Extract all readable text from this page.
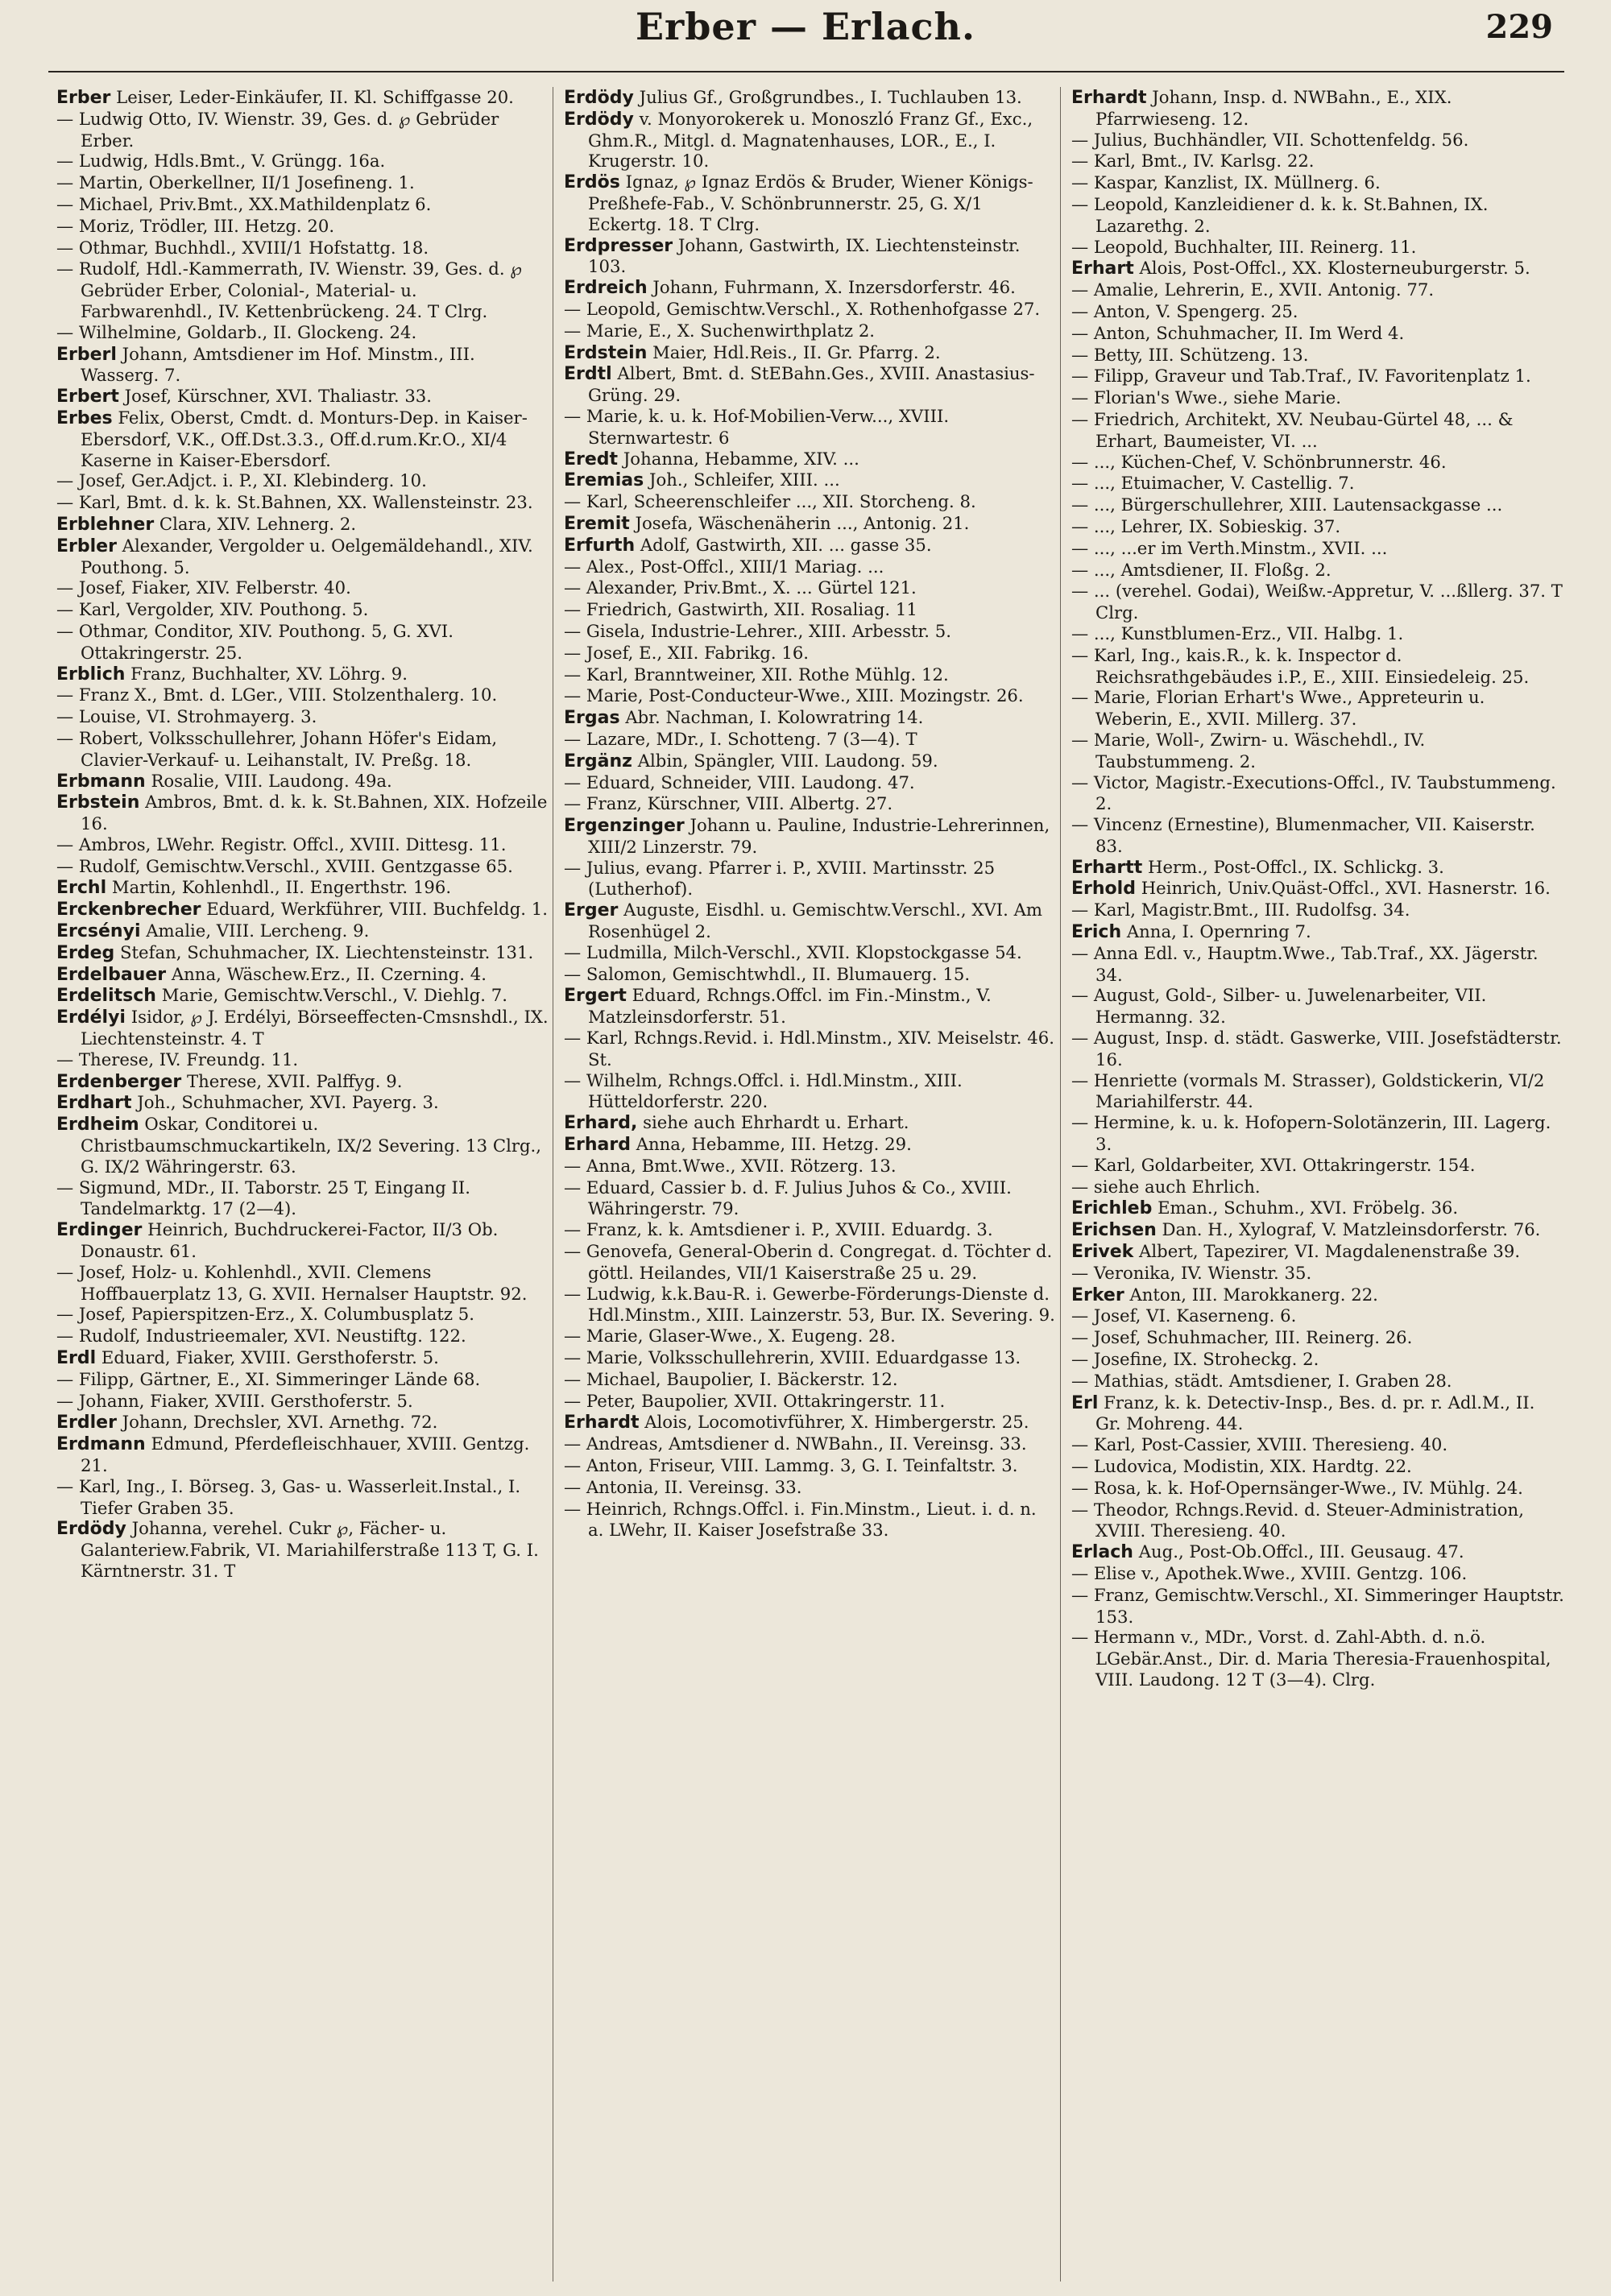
Erber — Erlach.	229

Erber Leiser, Leder-Einkäufer, II. Kl. Schiffgasse 20.

— Ludwig Otto, IV. Wienstr. 39, Ges. d. ℘ Gebrüder Erber.

— Ludwig, Hdls.Bmt., V. Grüngg. 16a.

— Martin, Oberkellner, II/1 Josefineng. 1.

— Michael, Priv.Bmt., XX.Mathildenplatz 6.

— Moriz, Trödler, III. Hetzg. 20.

— Othmar, Buchhdl., XVIII/1 Hofstattg. 18.

— Rudolf, Hdl.-Kammerrath, IV. Wienstr. 39, Ges. d. ℘ Gebrüder Erber, Colonial-, Material- u. Farbwarenhdl., IV. Kettenbrückeng. 24. T Clrg.

— Wilhelmine, Goldarb., II. Glockeng. 24.

Erberl Johann, Amtsdiener im Hof. Minstm., III. Wasserg. 7.

Erbert Josef, Kürschner, XVI. Thaliastr. 33.

Erbes Felix, Oberst, Cmdt. d. Monturs-Dep. in Kaiser-Ebersdorf, V.K., Off.Dst.3.3., Off.d.rum.Kr.O., XI/4 Kaserne in Kaiser-Ebersdorf.

— Josef, Ger.Adjct. i. P., XI. Klebinderg. 10.

— Karl, Bmt. d. k. k. St.Bahnen, XX. Wallensteinstr. 23.

Erblehner Clara, XIV. Lehnerg. 2.

Erbler Alexander, Vergolder u. Oelgemäldehandl., XIV. Pouthong. 5.

— Josef, Fiaker, XIV. Felberstr. 40.

— Karl, Vergolder, XIV. Pouthong. 5.

— Othmar, Conditor, XIV. Pouthong. 5, G. XVI. Ottakringerstr. 25.

Erblich Franz, Buchhalter, XV. Löhrg. 9.

— Franz X., Bmt. d. LGer., VIII. Stolzenthalerg. 10.

— Louise, VI. Strohmayerg. 3.

— Robert, Volksschullehrer, Johann Höfer's Eidam, Clavier-Verkauf- u. Leihanstalt, IV. Preßg. 18.

Erbmann Rosalie, VIII. Laudong. 49a.

Erbstein Ambros, Bmt. d. k. k. St.Bahnen, XIX. Hofzeile 16.

— Ambros, LWehr. Registr. Offcl., XVIII. Dittesg. 11.

— Rudolf, Gemischtw.Verschl., XVIII. Gentzgasse 65.

Erchl Martin, Kohlenhdl., II. Engerthstr. 196.

Erckenbrecher Eduard, Werkführer, VIII. Buchfeldg. 1.

Ercsényi Amalie, VIII. Lercheng. 9.

Erdeg Stefan, Schuhmacher, IX. Liechtensteinstr. 131.

Erdelbauer Anna, Wäschew.Erz., II. Czerning. 4.

Erdelitsch Marie, Gemischtw.Verschl., V. Diehlg. 7.

Erdélyi Isidor, ℘ J. Erdélyi, Börseeffecten-Cmsnshdl., IX. Liechtensteinstr. 4. T

— Therese, IV. Freundg. 11.

Erdenberger Therese, XVII. Palffyg. 9.

Erdhart Joh., Schuhmacher, XVI. Payerg. 3.

Erdheim Oskar, Conditorei u. Christbaumschmuckartikeln, IX/2 Severing. 13 Clrg., G. IX/2 Währingerstr. 63.

— Sigmund, MDr., II. Taborstr. 25 T, Eingang II. Tandelmarktg. 17 (2—4).

Erdinger Heinrich, Buchdruckerei-Factor, II/3 Ob. Donaustr. 61.

— Josef, Holz- u. Kohlenhdl., XVII. Clemens Hoffbauerplatz 13, G. XVII. Hernalser Hauptstr. 92.

— Josef, Papierspitzen-Erz., X. Columbusplatz 5.

— Rudolf, Industrieemaler, XVI. Neustiftg. 122.

Erdl Eduard, Fiaker, XVIII. Gersthoferstr. 5.

— Filipp, Gärtner, E., XI. Simmeringer Lände 68.

— Johann, Fiaker, XVIII. Gersthoferstr. 5.

Erdler Johann, Drechsler, XVI. Arnethg. 72.

Erdmann Edmund, Pferdefleischhauer, XVIII. Gentzg. 21.

— Karl, Ing., I. Börseg. 3, Gas- u. Wasserleit.Instal., I. Tiefer Graben 35.

Erdödy Johanna, verehel. Cukr ℘, Fächer- u. Galanteriew.Fabrik, VI. Mariahilferstraße 113 T, G. I. Kärntnerstr. 31. T

Erdödy Julius Gf., Großgrundbes., I. Tuchlauben 13.

Erdödy v. Monyorokerek u. Monoszló Franz Gf., Exc., Ghm.R., Mitgl. d. Magnatenhauses, LOR., E., I. Krugerstr. 10.

Erdös Ignaz, ℘ Ignaz Erdös & Bruder, Wiener Königs-Preßhefe-Fab., V. Schönbrunnerstr. 25, G. X/1 Eckertg. 18. T Clrg.

Erdpresser Johann, Gastwirth, IX. Liechtensteinstr. 103.

Erdreich Johann, Fuhrmann, X. Inzersdorferstr. 46.

— Leopold, Gemischtw.Verschl., X. Rothenhofgasse 27.

— Marie, E., X. Suchenwirthplatz 2.

Erdstein Maier, Hdl.Reis., II. Gr. Pfarrg. 2.

Erdtl Albert, Bmt. d. StEBahn.Ges., XVIII. Anastasius-Grüng. 29.

— Marie, k. u. k. Hof-Mobilien-Verw..., XVIII. Sternwartestr. 6

Eredt Johanna, Hebamme, XIV. ...

Eremias Joh., Schleifer, XIII. ...

— Karl, Scheerenschleifer ..., XII. Storcheng. 8.

Eremit Josefa, Wäschenäherin ..., Antonig. 21.

Erfurth Adolf, Gastwirth, XII. ... gasse 35.

— Alex., Post-Offcl., XIII/1 Mariag. ...

— Alexander, Priv.Bmt., X. ... Gürtel 121.

— Friedrich, Gastwirth, XII. Rosaliag. 11

— Gisela, Industrie-Lehrer., XIII. Arbesstr. 5.

— Josef, E., XII. Fabrikg. 16.

— Karl, Branntweiner, XII. Rothe Mühlg. 12.

— Marie, Post-Conducteur-Wwe., XIII. Mozingstr. 26.

Ergas Abr. Nachman, I. Kolowratring 14.

— Lazare, MDr., I. Schotteng. 7 (3—4). T

Ergänz Albin, Spängler, VIII. Laudong. 59.

— Eduard, Schneider, VIII. Laudong. 47.

— Franz, Kürschner, VIII. Albertg. 27.

Ergenzinger Johann u. Pauline, Industrie-Lehrerinnen, XIII/2 Linzerstr. 79.

— Julius, evang. Pfarrer i. P., XVIII. Martinsstr. 25 (Lutherhof).

Erger Auguste, Eisdhl. u. Gemischtw.Verschl., XVI. Am Rosenhügel 2.

— Ludmilla, Milch-Verschl., XVII. Klopstockgasse 54.

— Salomon, Gemischtwhdl., II. Blumauerg. 15.

Ergert Eduard, Rchngs.Offcl. im Fin.-Minstm., V. Matzleinsdorferstr. 51.

— Karl, Rchngs.Revid. i. Hdl.Minstm., XIV. Meiselstr. 46. St.

— Wilhelm, Rchngs.Offcl. i. Hdl.Minstm., XIII. Hütteldorferstr. 220.

Erhard, siehe auch Ehrhardt u. Erhart.

Erhard Anna, Hebamme, III. Hetzg. 29.

— Anna, Bmt.Wwe., XVII. Rötzerg. 13.

— Eduard, Cassier b. d. F. Julius Juhos & Co., XVIII. Währingerstr. 79.

— Franz, k. k. Amtsdiener i. P., XVIII. Eduardg. 3.

— Genovefa, General-Oberin d. Congregat. d. Töchter d. göttl. Heilandes, VII/1 Kaiserstraße 25 u. 29.

— Ludwig, k.k.Bau-R. i. Gewerbe-Förderungs-Dienste d. Hdl.Minstm., XIII. Lainzerstr. 53, Bur. IX. Severing. 9.

— Marie, Glaser-Wwe., X. Eugeng. 28.

— Marie, Volksschullehrerin, XVIII. Eduardgasse 13.

— Michael, Baupolier, I. Bäckerstr. 12.

— Peter, Baupolier, XVII. Ottakringerstr. 11.

Erhardt Alois, Locomotivführer, X. Himbergerstr. 25.

— Andreas, Amtsdiener d. NWBahn., II. Vereinsg. 33.

— Anton, Friseur, VIII. Lammg. 3, G. I. Teinfaltstr. 3.

— Antonia, II. Vereinsg. 33.

— Heinrich, Rchngs.Offcl. i. Fin.Minstm., Lieut. i. d. n. a. LWehr, II. Kaiser Josefstraße 33.

Erhardt Johann, Insp. d. NWBahn., E., XIX. Pfarrwieseng. 12.

— Julius, Buchhändler, VII. Schottenfeldg. 56.

— Karl, Bmt., IV. Karlsg. 22.

— Kaspar, Kanzlist, IX. Müllnerg. 6.

— Leopold, Kanzleidiener d. k. k. St.Bahnen, IX. Lazarethg. 2.

— Leopold, Buchhalter, III. Reinerg. 11.

Erhart Alois, Post-Offcl., XX. Klosterneuburgerstr. 5.

— Amalie, Lehrerin, E., XVII. Antonig. 77.

— Anton, V. Spengerg. 25.

— Anton, Schuhmacher, II. Im Werd 4.

— Betty, III. Schützeng. 13.

— Filipp, Graveur und Tab.Traf., IV. Favoritenplatz 1.

— Florian's Wwe., siehe Marie.

— Friedrich, Architekt, XV. Neubau-Gürtel 48, ... & Erhart, Baumeister, VI. ...

— ..., Küchen-Chef, V. Schönbrunnerstr. 46.

— ..., Etuimacher, V. Castellig. 7.

— ..., Bürgerschullehrer, XIII. Lautensackgasse ...

— ..., Lehrer, IX. Sobieskig. 37.

— ..., ...er im Verth.Minstm., XVII. ...

— ..., Amtsdiener, II. Floßg. 2.

— ... (verehel. Godai), Weißw.-Appretur, V. ...ßllerg. 37. T Clrg.

— ..., Kunstblumen-Erz., VII. Halbg. 1.

— Karl, Ing., kais.R., k. k. Inspector d. Reichsrathgebäudes i.P., E., XIII. Einsiedeleig. 25.

— Marie, Florian Erhart's Wwe., Appreteurin u. Weberin, E., XVII. Millerg. 37.

— Marie, Woll-, Zwirn- u. Wäschehdl., IV. Taubstummeng. 2.

— Victor, Magistr.-Executions-Offcl., IV. Taubstummeng. 2.

— Vincenz (Ernestine), Blumenmacher, VII. Kaiserstr. 83.

Erhartt Herm., Post-Offcl., IX. Schlickg. 3.

Erhold Heinrich, Univ.Quäst-Offcl., XVI. Hasnerstr. 16.

— Karl, Magistr.Bmt., III. Rudolfsg. 34.

Erich Anna, I. Opernring 7.

— Anna Edl. v., Hauptm.Wwe., Tab.Traf., XX. Jägerstr. 34.

— August, Gold-, Silber- u. Juwelenarbeiter, VII. Hermanng. 32.

— August, Insp. d. städt. Gaswerke, VIII. Josefstädterstr. 16.

— Henriette (vormals M. Strasser), Goldstickerin, VI/2 Mariahilferstr. 44.

— Hermine, k. u. k. Hofopern-Solotänzerin, III. Lagerg. 3.

— Karl, Goldarbeiter, XVI. Ottakringerstr. 154.

— siehe auch Ehrlich.

Erichleb Eman., Schuhm., XVI. Fröbelg. 36.

Erichsen Dan. H., Xylograf, V. Matzleinsdorferstr. 76.

Erivek Albert, Tapezirer, VI. Magdalenenstraße 39.

— Veronika, IV. Wienstr. 35.

Erker Anton, III. Marokkanerg. 22.

— Josef, VI. Kaserneng. 6.

— Josef, Schuhmacher, III. Reinerg. 26.

— Josefine, IX. Stroheckg. 2.

— Mathias, städt. Amtsdiener, I. Graben 28.

Erl Franz, k. k. Detectiv-Insp., Bes. d. pr. r. Adl.M., II. Gr. Mohreng. 44.

— Karl, Post-Cassier, XVIII. Theresieng. 40.

— Ludovica, Modistin, XIX. Hardtg. 22.

— Rosa, k. k. Hof-Opernsänger-Wwe., IV. Mühlg. 24.

— Theodor, Rchngs.Revid. d. Steuer-Administration, XVIII. Theresieng. 40.

Erlach Aug., Post-Ob.Offcl., III. Geusaug. 47.

— Elise v., Apothek.Wwe., XVIII. Gentzg. 106.

— Franz, Gemischtw.Verschl., XI. Simmeringer Hauptstr. 153.

— Hermann v., MDr., Vorst. d. Zahl-Abth. d. n.ö. LGebär.Anst., Dir. d. Maria Theresia-Frauenhospital, VIII. Laudong. 12 T (3—4). Clrg.
